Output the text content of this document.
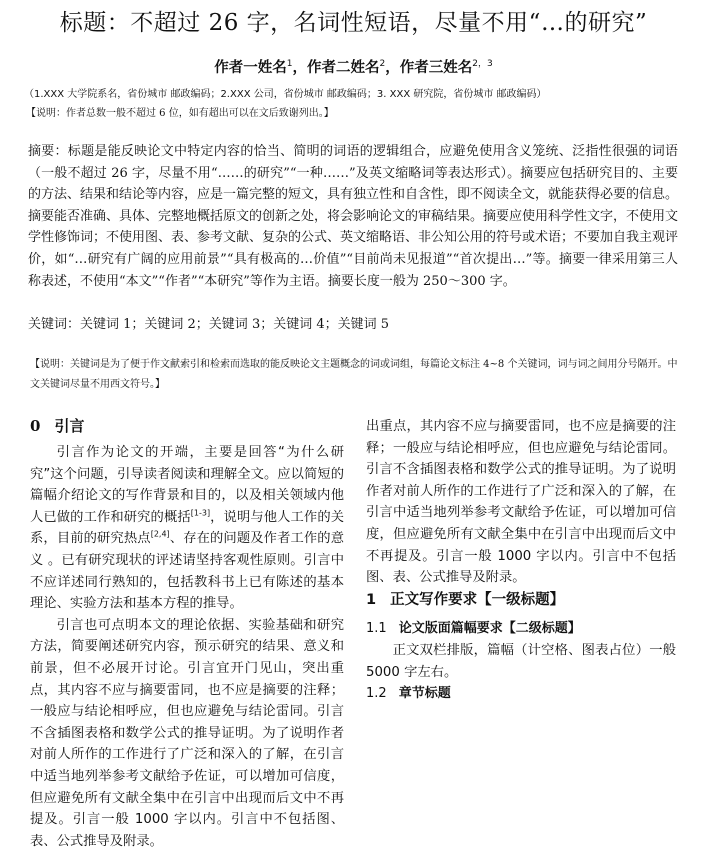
标题：不超过 26 字，名词性短语，尽量不用“…的研究”
作者一姓名$^1$，作者二姓名$^2$，作者三姓名$^{2,3}$
（1.XXX 大学院系名，省份城市 邮政编码；2.XXX 公司，省份城市 邮政编码；3. XXX 研究院，省份城市 邮政编码）
【说明：作者总数一般不超过 6 位，如有超出可以在文后致谢列出。】
摘要：标题是能反映论文中特定内容的恰当、简明的词语的逻辑组合，应避免使用含义笼统、泛指性很强的词语（一般不超过 26 字，尽量不用“……的研究”“一种……”及英文缩略词等表达形式）。摘要应包括研究目的、主要的方法、结果和结论等内容，应是一篇完整的短文，具有独立性和自含性，即不阅读全文，就能获得必要的信息。摘要能否准确、具体、完整地概括原文的创新之处，将会影响论文的审稿结果。摘要应使用科学性文字，不使用文学性修饰词；不使用图、表、参考文献、复杂的公式、英文缩略语、非公知公用的符号或术语；不要加自我主观评价，如“…研究有广阔的应用前景”“具有极高的…价值”“目前尚未见报道”“首次提出…”等。摘要一律采用第三人称表述，不使用“本文”“作者”“本研究”等作为主语。摘要长度一般为 250～300 字。
关键词：关键词 1；关键词 2；关键词 3；关键词 4；关键词 5
【说明：关键词是为了便于作文献索引和检索而选取的能反映论文主题概念的词或词组，每篇论文标注 4~8 个关键词，词与词之间用分号隔开。中文关键词尽量不用西文符号。】
0 引言

引言作为论文的开端，主要是回答“为什么研究”这个问题，引导读者阅读和理解全文。应以简短的篇幅介绍论文的写作背景和目的，以及相关领域内他人已做的工作和研究的概括[1-3]，说明与他人工作的关系，目前的研究热点[2,4]、存在的问题及作者工作的意义 。已有研究现状的评述请坚持客观性原则。引言中不应详述同行熟知的，包括教科书上已有陈述的基本理论、实验方法和基本方程的推导。

引言也可点明本文的理论依据、实验基础和研究方法，简要阐述研究内容，预示研究的结果、意义和前景，但不必展开讨论。引言宜开门见山，突出重点，其内容不应与摘要雷同，也不应是摘要的注释；一般应与结论相呼应，但也应避免与结论雷同。引言不含插图表格和数学公式的推导证明。为了说明作者对前人所作的工作进行了广泛和深入的了解，在引言中适当地列举参考文献给予佐证，可以增加可信度，但应避免所有文献全集中在引言中出现而后文中不再提及。引言一般 1000 字以内。引言中不包括图、表、公式推导及附录。

出重点，其内容不应与摘要雷同，也不应是摘要的注释；一般应与结论相呼应，但也应避免与结论雷同。引言不含插图表格和数学公式的推导证明。为了说明作者对前人所作的工作进行了广泛和深入的了解，在引言中适当地列举参考文献给予佐证，可以增加可信度，但应避免所有文献全集中在引言中出现而后文中不再提及。引言一般 1000 字以内。引言中不包括图、表、公式推导及附录。

1 正文写作要求【一级标题】
1.1 论文版面篇幅要求【二级标题】

正文双栏排版，篇幅（计空格、图表占位）一般 5000 字左右。

1.2 章节标题
